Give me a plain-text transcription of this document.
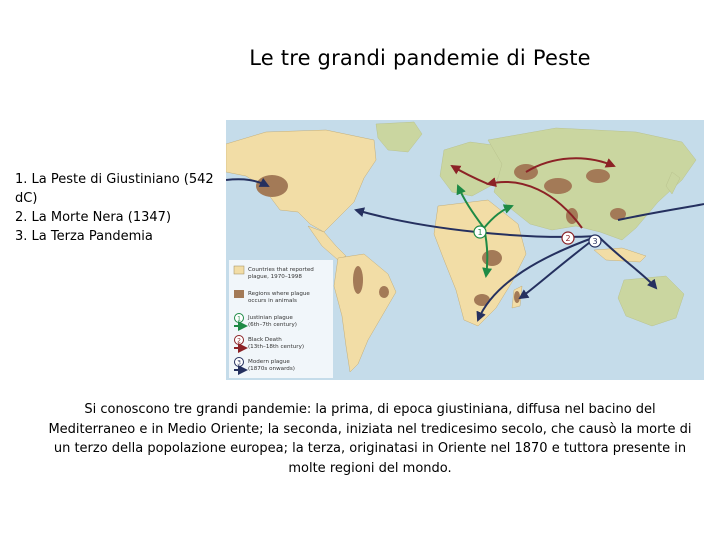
Le tre grandi pandemie di Peste
1. La Peste di Giustiniano (542 dC)
2. La Morte Nera (1347)
3. La Terza Pandemia	1
2	3
Countries that reported
plague, 1970–1998
Regions where plague
occurs in animals
1 Justinian plague
(6th–7th century)
2 Black Death
(13th–18th century)
3 Modern plague
(1870s onwards)
Si conoscono tre grandi pandemie: la prima, di epoca giustiniana, diffusa nel bacino del Mediterraneo e in Medio Oriente; la seconda, iniziata nel tredicesimo secolo, che causò la morte di un terzo della popolazione europea; la terza, originatasi in Oriente nel 1870 e tuttora presente in molte regioni del mondo.
